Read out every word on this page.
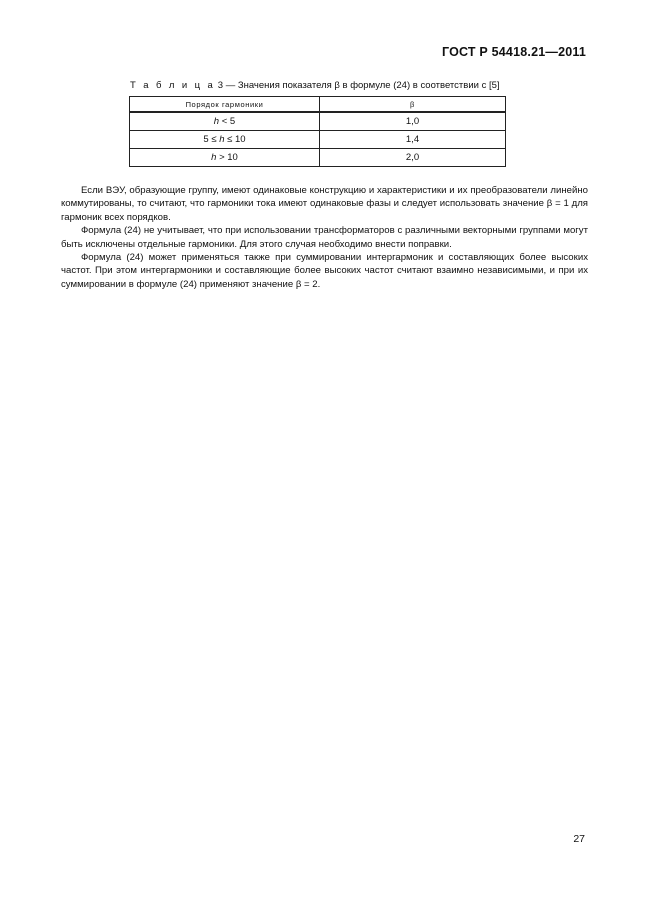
ГОСТ Р 54418.21—2011
Т а б л и ц а 3 — Значения показателя β в формуле (24) в соответствии с [5]
Порядок гармоники	β
h < 5	1,0
5 ≤ h ≤ 10	1,4
h > 10	2,0

Если ВЭУ, образующие группу, имеют одинаковые конструкцию и характеристики и их преобразователи линейно коммутированы, то считают, что гармоники тока имеют одинаковые фазы и следует использовать значение β = 1 для гармоник всех порядков.

Формула (24) не учитывает, что при использовании трансформаторов с различными векторными группами могут быть исключены отдельные гармоники. Для этого случая необходимо внести поправки.

Формула (24) может применяться также при суммировании интергармоник и составляющих более высоких частот. При этом интергармоники и составляющие более высоких частот считают взаимно независимыми, и при их суммировании в формуле (24) применяют значение β = 2.

27
